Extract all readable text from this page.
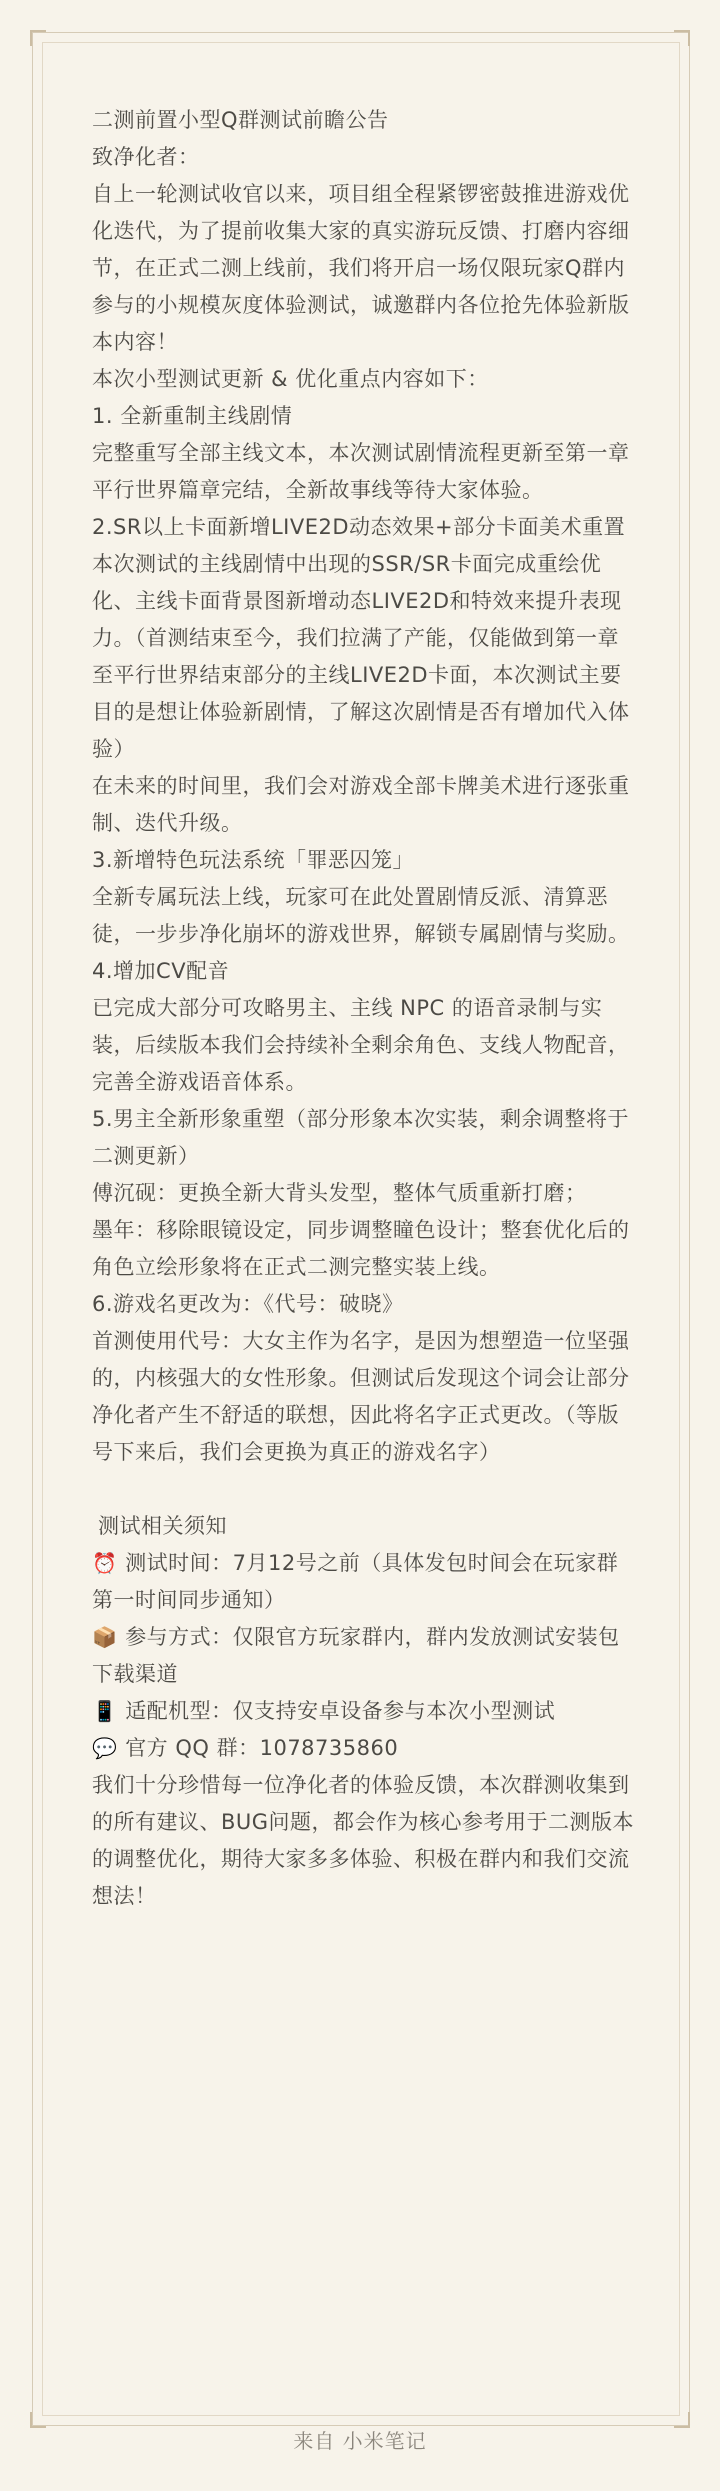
二测前置小型Q群测试前瞻公告

致净化者：

自上一轮测试收官以来，项目组全程紧锣密鼓推进游戏优化迭代，为了提前收集大家的真实游玩反馈、打磨内容细节，在正式二测上线前，我们将开启一场仅限玩家Q群内参与的小规模灰度体验测试，诚邀群内各位抢先体验新版本内容！

本次小型测试更新 & 优化重点内容如下：

1. 全新重制主线剧情

完整重写全部主线文本，本次测试剧情流程更新至第一章平行世界篇章完结，全新故事线等待大家体验。

2.SR以上卡面新增LIVE2D动态效果+部分卡面美术重置

本次测试的主线剧情中出现的SSR/SR卡面完成重绘优化、主线卡面背景图新增动态LIVE2D和特效来提升表现力。（首测结束至今，我们拉满了产能，仅能做到第一章至平行世界结束部分的主线LIVE2D卡面，本次测试主要目的是想让体验新剧情，了解这次剧情是否有增加代入体验）

在未来的时间里，我们会对游戏全部卡牌美术进行逐张重制、迭代升级。

3.新增特色玩法系统「罪恶囚笼」

全新专属玩法上线，玩家可在此处置剧情反派、清算恶徒，一步步净化崩坏的游戏世界，解锁专属剧情与奖励。

4.增加CV配音

已完成大部分可攻略男主、主线 NPC 的语音录制与实装，后续版本我们会持续补全剩余角色、支线人物配音，完善全游戏语音体系。

5.男主全新形象重塑（部分形象本次实装，剩余调整将于二测更新）

傅沉砚：更换全新大背头发型，整体气质重新打磨；

墨年：移除眼镜设定，同步调整瞳色设计；整套优化后的角色立绘形象将在正式二测完整实装上线。

6.游戏名更改为：《代号：破晓》

首测使用代号：大女主作为名字，是因为想塑造一位坚强的，内核强大的女性形象。但测试后发现这个词会让部分净化者产生不舒适的联想，因此将名字正式更改。（等版号下来后，我们会更换为真正的游戏名字）

测试相关须知

⏰ 测试时间：7月12号之前（具体发包时间会在玩家群第一时间同步通知）

📦 参与方式：仅限官方玩家群内，群内发放测试安装包下载渠道

📱 适配机型：仅支持安卓设备参与本次小型测试

💬 官方 QQ 群：1078735860

我们十分珍惜每一位净化者的体验反馈，本次群测收集到的所有建议、BUG问题，都会作为核心参考用于二测版本的调整优化，期待大家多多体验、积极在群内和我们交流想法！

来自 小米笔记
